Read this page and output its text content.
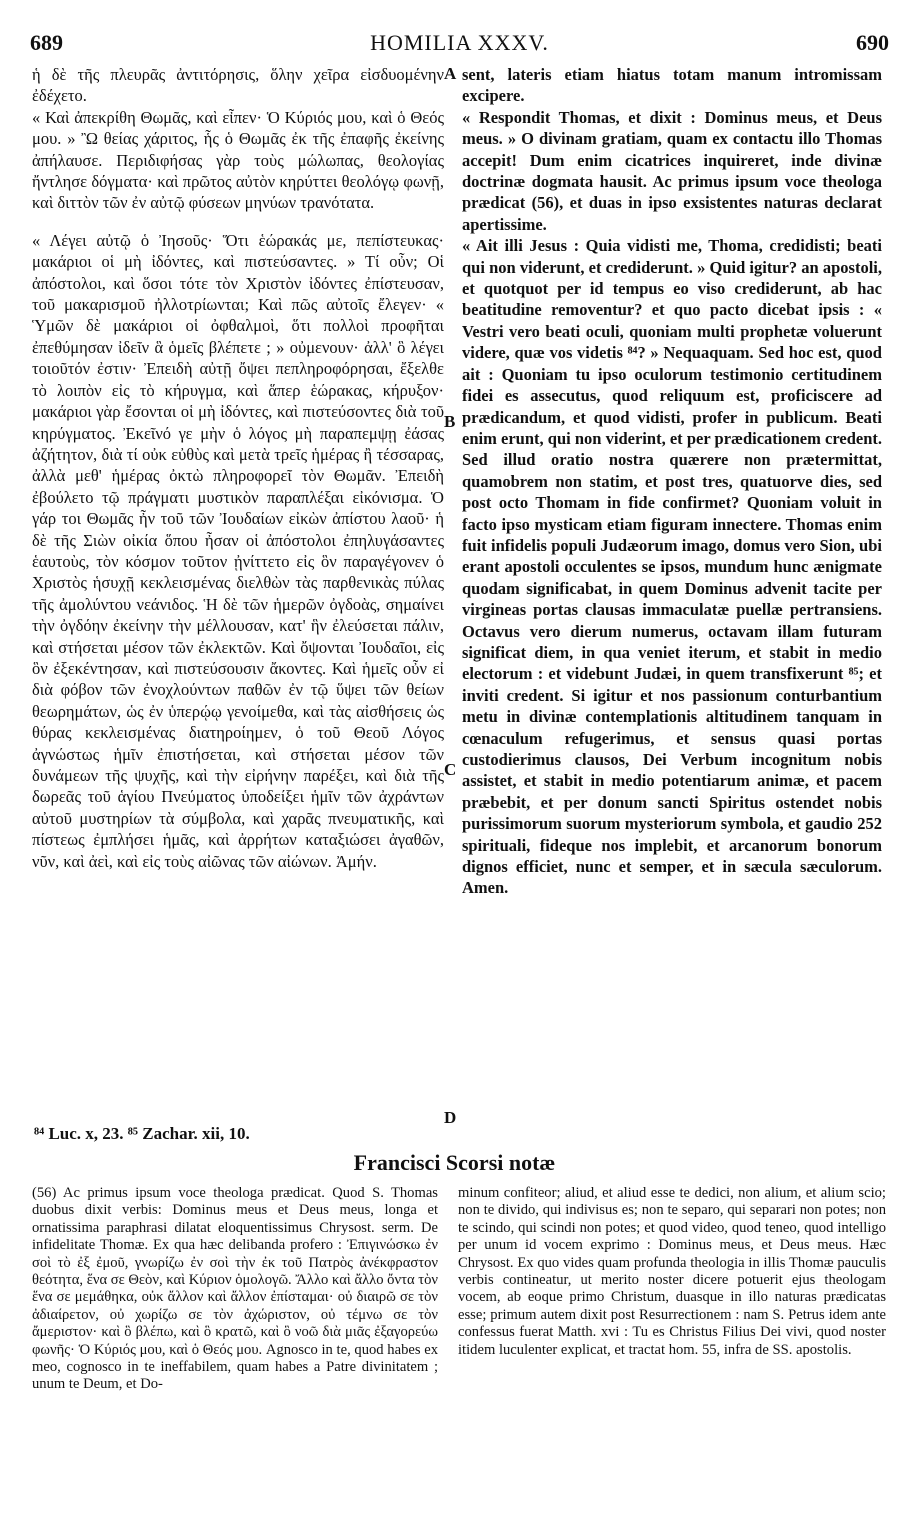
689	HOMILIA XXXV.	690

ἡ δὲ τῆς πλευρᾶς ἀντιτόρησις, ὅλην χεῖρα εἰσδυομένην ἐδέχετο.

« Καὶ ἀπεκρίθη Θωμᾶς, καὶ εἶπεν· Ὁ Κύριός μου, καὶ ὁ Θεός μου. » Ὢ θείας χάριτος, ἧς ὁ Θωμᾶς ἐκ τῆς ἐπαφῆς ἐκείνης ἀπήλαυσε. Περιδιφήσας γὰρ τοὺς μώλωπας, θεολογίας ἤντλησε δόγματα· καὶ πρῶτος αὐτὸν κηρύττει θεολόγῳ φωνῇ, καὶ διττὸν τῶν ἐν αὐτῷ φύσεων μηνύων τρανότατα.

« Λέγει αὐτῷ ὁ Ἰησοῦς· Ὅτι ἑώρακάς με, πεπίστευκας· μακάριοι οἱ μὴ ἰδόντες, καὶ πιστεύσαντες. » Τί οὖν; Οἱ ἀπόστολοι, καὶ ὅσοι τότε τὸν Χριστὸν ἰδόντες ἐπίστευσαν, τοῦ μακαρισμοῦ ἠλλοτρίωνται; Καὶ πῶς αὐτοῖς ἔλεγεν· « Ὑμῶν δὲ μακάριοι οἱ ὀφθαλμοὶ, ὅτι πολλοὶ προφῆται ἐπεθύμησαν ἰδεῖν ἃ ὁμεῖς βλέπετε ; » οὐμενουν· ἀλλ' ὃ λέγει τοιοῦτόν ἐστιν· Ἐπειδὴ αὐτῇ ὄψει πεπληροφόρησαι, ἔξελθε τὸ λοιπὸν εἰς τὸ κήρυγμα, καὶ ἅπερ ἑώρακας, κήρυξον· μακάριοι γὰρ ἔσονται οἱ μὴ ἰδόντες, καὶ πιστεύσοντες διὰ τοῦ κηρύγματος. Ἐκεῖνό γε μὴν ὁ λόγος μὴ παραπεμψῃ ἐάσας ἀζήτητον, διὰ τί οὐκ εὐθὺς καὶ μετὰ τρεῖς ἡμέρας ἢ τέσσαρας, ἀλλὰ μεθ' ἡμέρας ὀκτὼ πληροφορεῖ τὸν Θωμᾶν. Ἐπειδὴ ἐβούλετο τῷ πράγματι μυστικὸν παραπλέξαι εἰκόνισμα. Ὁ γάρ τοι Θωμᾶς ἦν τοῦ τῶν Ἰουδαίων εἰκὼν ἀπίστου λαοῦ· ἡ δὲ τῆς Σιὼν οἰκία ὅπου ἦσαν οἱ ἀπόστολοι ἐπηλυγάσαντες ἑαυτοὺς, τὸν κόσμον τοῦτον ᾐνίττετο εἰς ὃν παραγέγονεν ὁ Χριστὸς ἡσυχῇ κεκλεισμένας διελθὼν τὰς παρθενικὰς πύλας τῆς ἀμολύντου νεάνιδος. Ἡ δὲ τῶν ἡμερῶν ὀγδοὰς, σημαίνει τὴν ὀγδόην ἐκείνην τὴν μέλλουσαν, κατ' ἣν ἐλεύσεται πάλιν, καὶ στήσεται μέσον τῶν ἐκλεκτῶν. Καὶ ὄψονται Ἰουδαῖοι, εἰς ὃν ἐξεκέντησαν, καὶ πιστεύσουσιν ἄκοντες. Καὶ ἡμεῖς οὖν εἰ διὰ φόβον τῶν ἐνοχλούντων παθῶν ἐν τῷ ὕψει τῶν θείων θεωρημάτων, ὡς ἐν ὑπερῴῳ γενοίμεθα, καὶ τὰς αἰσθήσεις ὡς θύρας κεκλεισμένας διατηροίημεν, ὁ τοῦ Θεοῦ Λόγος ἀγνώστως ἡμῖν ἐπιστήσεται, καὶ στήσεται μέσον τῶν δυνάμεων τῆς ψυχῆς, καὶ τὴν εἰρήνην παρέξει, καὶ διὰ τῆς δωρεᾶς τοῦ ἁγίου Πνεύματος ὑποδείξει ἡμῖν τῶν ἀχράντων αὐτοῦ μυστηρίων τὰ σύμβολα, καὶ χαρᾶς πνευματικῆς, καὶ πίστεως ἐμπλήσει ἡμᾶς, καὶ ἀρρήτων καταξιώσει ἀγαθῶν, νῦν, καὶ ἀεὶ, καὶ εἰς τοὺς αἰῶνας τῶν αἰώνων. Ἀμήν.

A
B
C
D

sent, lateris etiam hiatus totam manum intromissam excipere.

« Respondit Thomas, et dixit : Dominus meus, et Deus meus. » O divinam gratiam, quam ex contactu illo Thomas accepit! Dum enim cicatrices inquireret, inde divinæ doctrinæ dogmata hausit. Ac primus ipsum voce theologa prædicat (56), et duas in ipso exsistentes naturas declarat apertissime.

« Ait illi Jesus : Quia vidisti me, Thoma, credidisti; beati qui non viderunt, et crediderunt. » Quid igitur? an apostoli, et quotquot per id tempus eo viso crediderunt, ab hac beatitudine removentur? et quo pacto dicebat ipsis : « Vestri vero beati oculi, quoniam multi prophetæ voluerunt videre, quæ vos videtis ⁸⁴? » Nequaquam. Sed hoc est, quod ait : Quoniam tu ipso oculorum testimonio certitudinem fidei es assecutus, quod reliquum est, proficiscere ad prædicandum, et quod vidisti, profer in publicum. Beati enim erunt, qui non viderint, et per prædicationem credent. Sed illud oratio nostra quærere non prætermittat, quamobrem non statim, et post tres, quatuorve dies, sed post octo Thomam in fide confirmet? Quoniam voluit in facto ipso mysticam etiam figuram innectere. Thomas enim fuit infidelis populi Judæorum imago, domus vero Sion, ubi erant apostoli occulentes se ipsos, mundum hunc ænigmate quodam significabat, in quem Dominus advenit tacite per virgineas portas clausas immaculatæ puellæ pertransiens. Octavus vero dierum numerus, octavam illam futuram significat diem, in qua veniet iterum, et stabit in medio electorum : et videbunt Judæi, in quem transfixerunt ⁸⁵; et inviti credent. Si igitur et nos passionum conturbantium metu in divinæ contemplationis altitudinem tanquam in cœnaculum refugerimus, et sensus quasi portas custodierimus clausos, Dei Verbum incognitum nobis assistet, et stabit in medio potentiarum animæ, et pacem præbebit, et per donum sancti Spiritus ostendet nobis purissimorum suorum mysteriorum symbola, et gaudio 252 spirituali, fideque nos implebit, et arcanorum bonorum dignos efficiet, nunc et semper, et in sæcula sæculorum. Amen.

⁸⁴ Luc. x, 23. ⁸⁵ Zachar. xii, 10.
Francisci Scorsi notæ

(56) Ac primus ipsum voce theologa prædicat. Quod S. Thomas duobus dixit verbis: Dominus meus et Deus meus, longa et ornatissima paraphrasi dilatat eloquentissimus Chrysost. serm. De infidelitate Thomæ. Ex qua hæc delibanda profero : Ἐπιγινώσκω ἐν σοὶ τὸ ἐξ ἐμοῦ, γνωρίζω ἐν σοὶ τὴν ἐκ τοῦ Πατρὸς ἀνέκφραστον θεότητα, ἕνα σε Θεὸν, καὶ Κύριον ὁμολογῶ. Ἄλλο καὶ ἄλλο ὄντα τὸν ἕνα σε μεμάθηκα, οὐκ ἄλλον καὶ ἄλλον ἐπίσταμαι· οὐ διαιρῶ σε τὸν ἀδιαίρετον, οὐ χωρίζω σε τὸν ἀχώριστον, οὐ τέμνω σε τὸν ἄμεριστον· καὶ ὃ βλέπω, καὶ ὃ κρατῶ, καὶ ὃ νοῶ διὰ μιᾶς ἐξαγορεύω φωνῆς· Ὁ Κύριός μου, καὶ ὁ Θεός μου. Agnosco in te, quod habes ex meo, cognosco in te ineffabilem, quam habes a Patre divinitatem ; unum te Deum, et Do-

minum confiteor; aliud, et aliud esse te dedici, non alium, et alium scio; non te divido, qui indivisus es; non te separo, qui separari non potes; non te scindo, qui scindi non potes; et quod video, quod teneo, quod intelligo per unum id vocem exprimo : Dominus meus, et Deus meus. Hæc Chrysost. Ex quo vides quam profunda theologia in illis Thomæ pauculis verbis contineatur, ut merito noster dicere potuerit ejus theologam vocem, ab eoque primo Christum, duasque in illo naturas prædicatas esse; primum autem dixit post Resurrectionem : nam S. Petrus idem ante confessus fuerat Matth. xvi : Tu es Christus Filius Dei vivi, quod noster itidem luculenter explicat, et tractat hom. 55, infra de SS. apostolis.
